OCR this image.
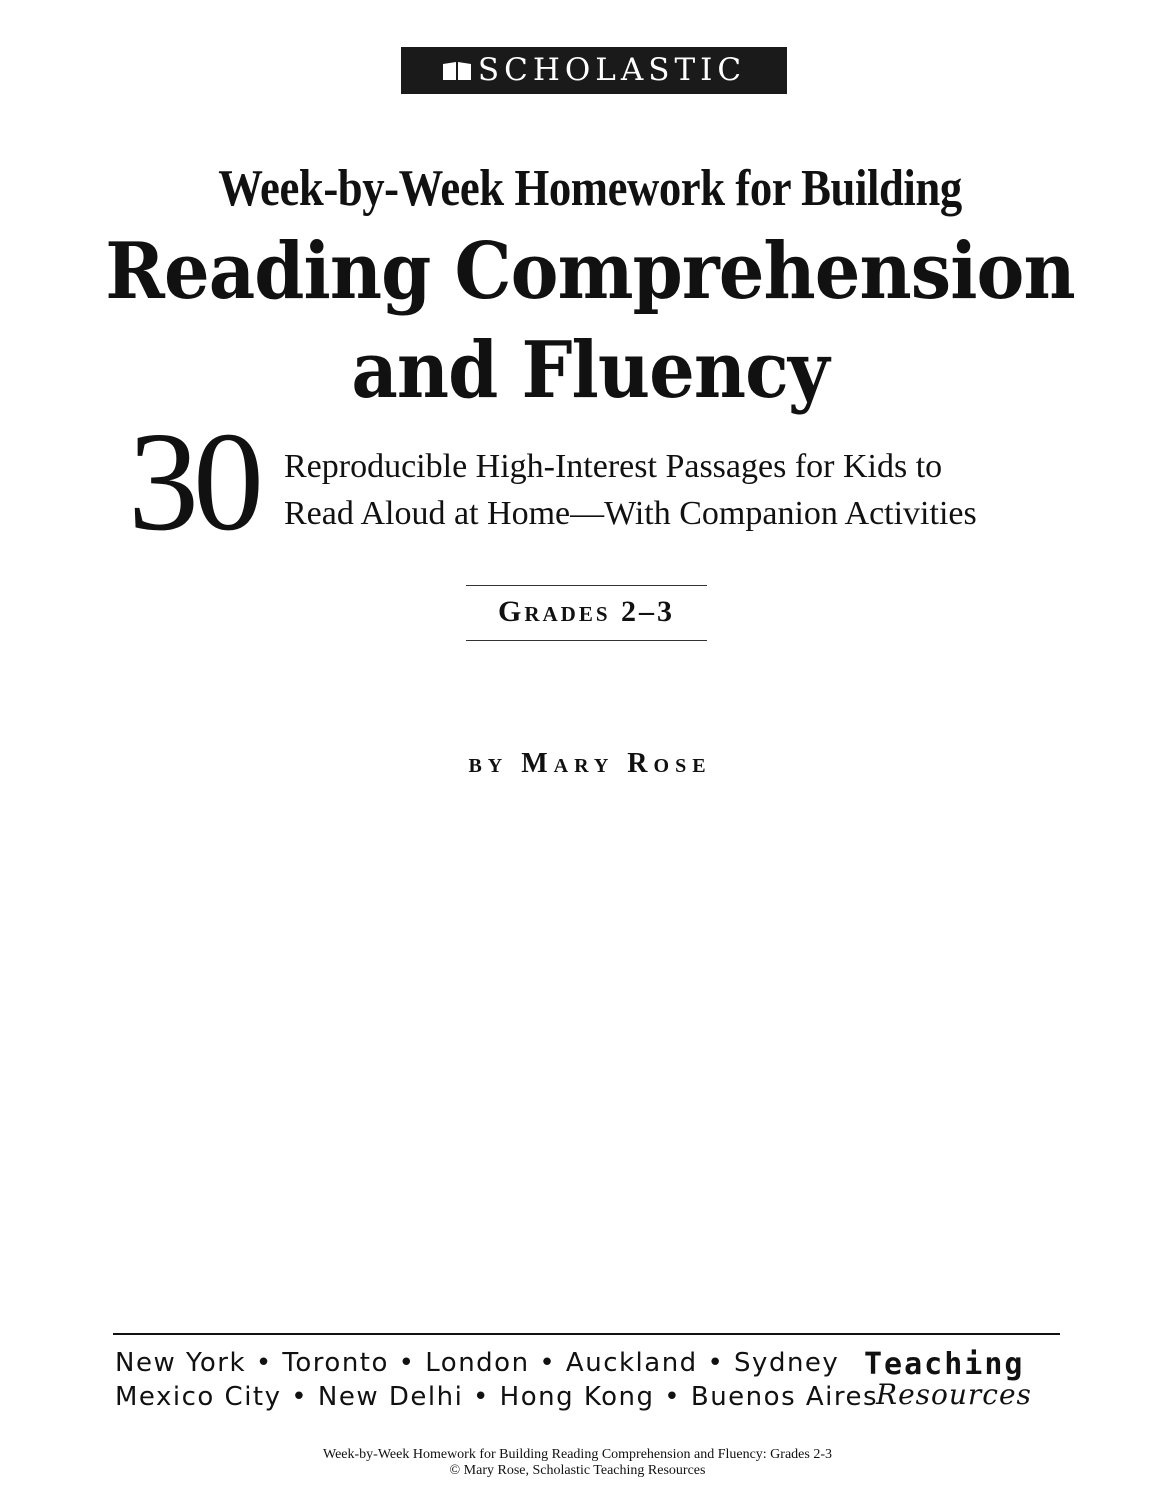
SCHOLASTIC
Week-by-Week Homework for Building
Reading Comprehension
and Fluency
30 Reproducible High-Interest Passages for Kids to
Read Aloud at Home—With Companion Activities
Grades 2–3
by Mary Rose
New York • Toronto • London • Auckland • Sydney
Mexico City • New Delhi • Hong Kong • Buenos Aires
Teaching
Resources
Week-by-Week Homework for Building Reading Comprehension and Fluency: Grades 2-3
© Mary Rose, Scholastic Teaching Resources
